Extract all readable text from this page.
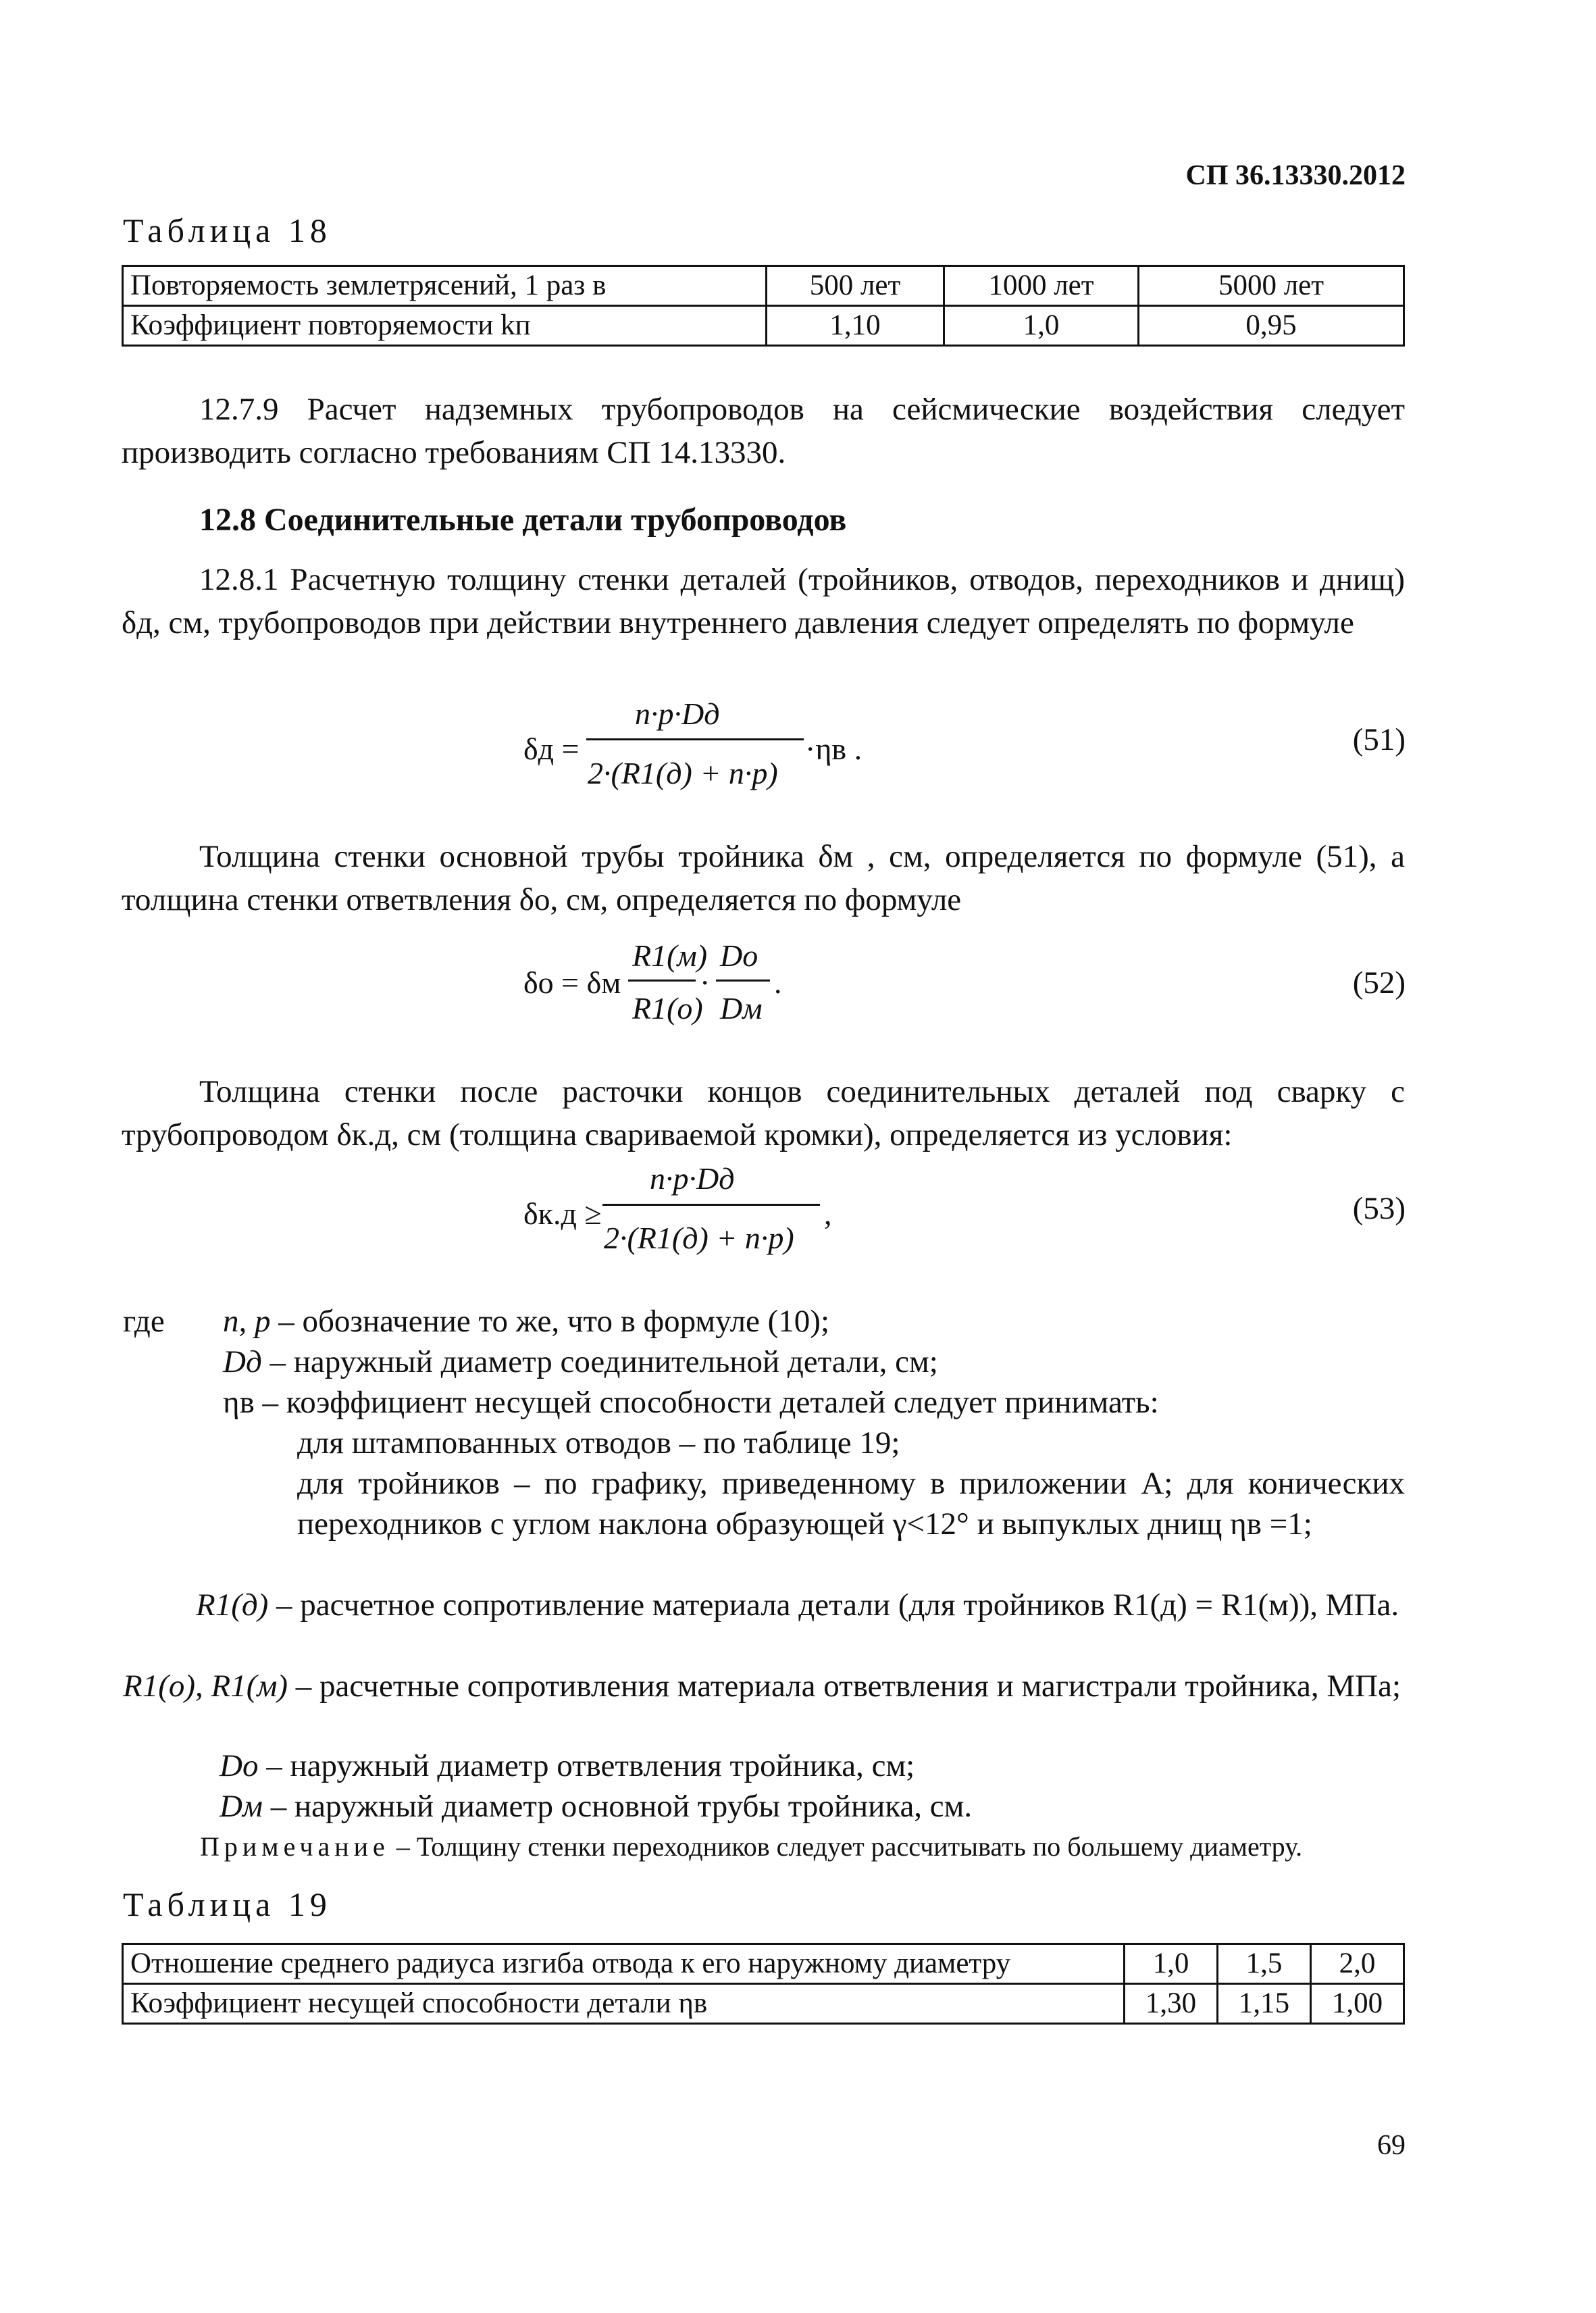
СП 36.13330.2012
Таблица 18
Повторяемость землетрясений, 1 раз в	500 лет	1000 лет	5000 лет
Коэффициент повторяемости kп	1,10	1,0	0,95
12.7.9 Расчет надземных трубопроводов на сейсмические воздействия следует производить согласно требованиям СП 14.13330.
12.8 Соединительные детали трубопроводов
12.8.1 Расчетную толщину стенки деталей (тройников, отводов, переходников и днищ) δд, см, трубопроводов при действии внутреннего давления следует определять по формуле
δд =
n·p·Dд
2·(R1(д) + n·p)
·ηв .	(51)
Толщина стенки основной трубы тройника δм , см, определяется по формуле (51), а толщина стенки ответвления δо, см, определяется по формуле
δо = δм
R1(м)
R1(о)
·
Dо
Dм
.	(52)
Толщина стенки после расточки концов соединительных деталей под сварку с трубопроводом δк.д, см (толщина свариваемой кромки), определяется из условия:
δк.д ≥
n·p·Dд
2·(R1(д) + n·p)
,	(53)
где n, p – обозначение то же, что в формуле (10);
Dд – наружный диаметр соединительной детали, см;
ηв – коэффициент несущей способности деталей следует принимать:
для штампованных отводов – по таблице 19;
для тройников – по графику, приведенному в приложении А; для конических переходников с углом наклона образующей γ<12° и выпуклых днищ ηв =1;
R1(д) – расчетное сопротивление материала детали (для тройников R1(д) = R1(м)), МПа.
R1(о), R1(м) – расчетные сопротивления материала ответвления и магистрали тройника, МПа;
Dо – наружный диаметр ответвления тройника, см;
Dм – наружный диаметр основной трубы тройника, см.
Примечание – Толщину стенки переходников следует рассчитывать по большему диаметру.
Таблица 19
Отношение среднего радиуса изгиба отвода к его наружному диаметру	1,0	1,5	2,0
Коэффициент несущей способности детали ηв	1,30	1,15	1,00
69
